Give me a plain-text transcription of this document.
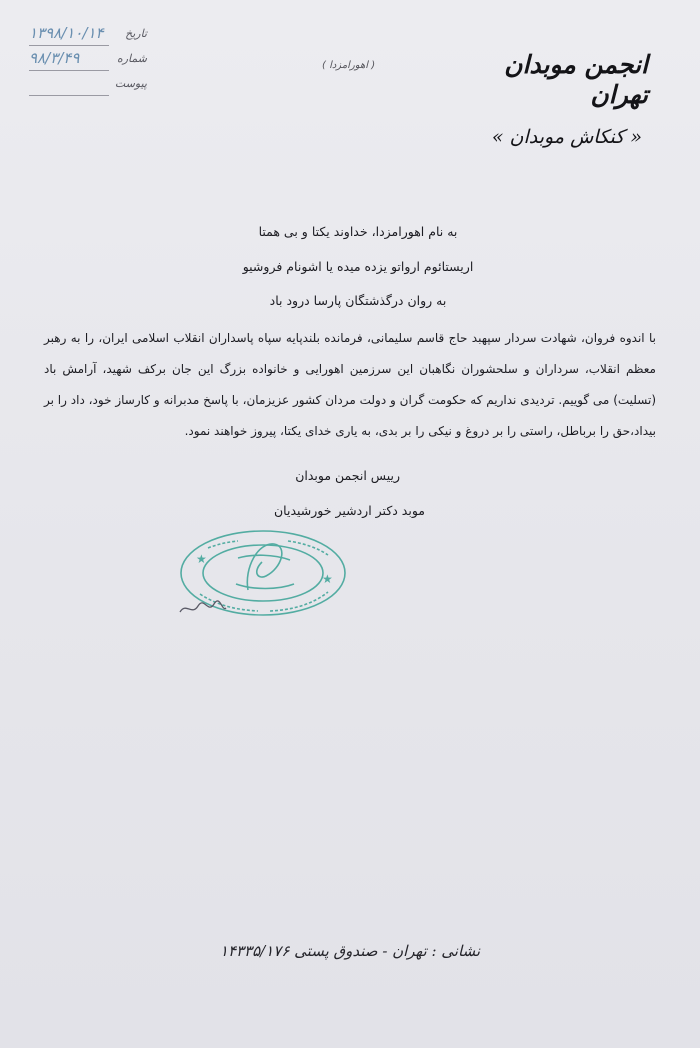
تاریخ
۱۳۹۸/۱۰/۱۴
شماره
۹۸/۳/۴۹
پیوست
( اهورامزدا )	انجمن موبدان تهران
« کنکاش موبدان »
به نام اهورامزدا، خداوند یکتا و بی همتا
اریستائوم ارواتو یزده میده یا اشونام فروشیو
به روان درگذشتگان پارسا درود باد

با اندوه فروان، شهادت سردار سپهبد حاج قاسم سلیمانی، فرمانده بلندپایه سپاه پاسداران انقلاب اسلامی ایران، را به رهبر معظم انقلاب، سرداران و سلحشوران نگاهبان این سرزمین اهورایی و خانواده بزرگ این جان برکف شهید، آرامش باد (تسلیت) می گوییم. تردیدی نداریم که حکومت گران و دولت مردان کشور عزیزمان، با پاسخ مدبرانه و کارساز خود، داد را بر بیداد،حق را برباطل، راستی را بر دروغ و نیکی را بر بدی، به یاری خدای یکتا، پیروز خواهند نمود.

رییس انجمن موبدان
موبد دکتر اردشیر خورشیدیان
★
★
نشانی : تهران - صندوق پستی ۱۴۳۳۵/۱۷۶
